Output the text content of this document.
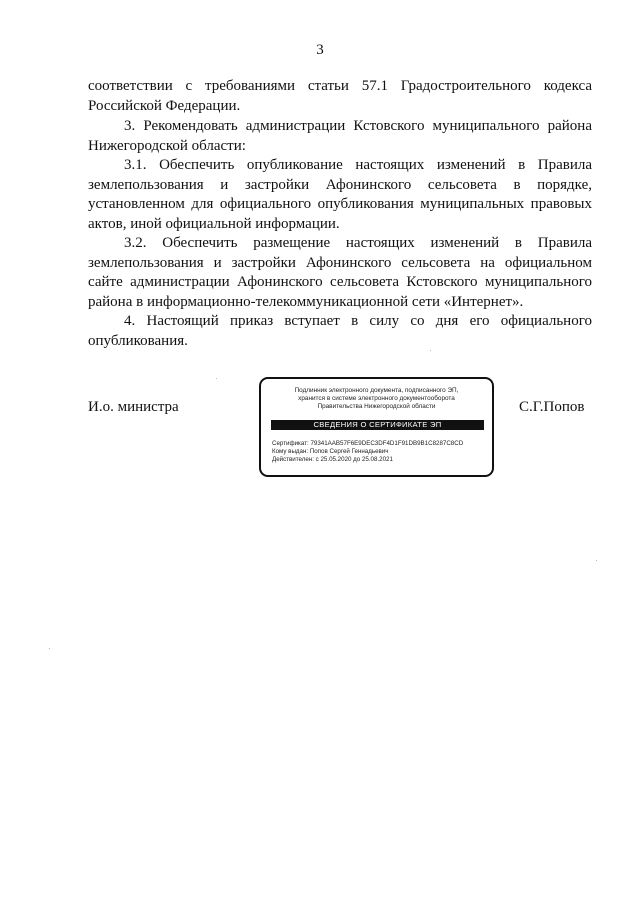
3

соответствии с требованиями статьи 57.1 Градостроительного кодекса Российской Федерации.

3. Рекомендовать администрации Кстовского муниципального района Нижегородской области:

3.1. Обеспечить опубликование настоящих изменений в Правила землепользования и застройки Афонинского сельсовета в порядке, установленном для официального опубликования муниципальных правовых актов, иной официальной информации.

3.2. Обеспечить размещение настоящих изменений в Правила землепользования и застройки Афонинского сельсовета на официальном сайте администрации Афонинского сельсовета Кстовского муниципального района в информационно-телекоммуникационной сети «Интернет».

4. Настоящий приказ вступает в силу со дня его официального опубликования.

И.о. министра
Подлинник электронного документа, подписанного ЭП,
хранится в системе электронного документооборота
Правительства Нижегородской области
СВЕДЕНИЯ О СЕРТИФИКАТЕ ЭП
Сертификат: 79341AAB57F6E9DEC3DF4D1F91DB9B1C8287C8CD
Кому выдан: Попов Сергей Геннадьевич
Действителен: с 25.05.2020 до 25.08.2021
С.Г.Попов
